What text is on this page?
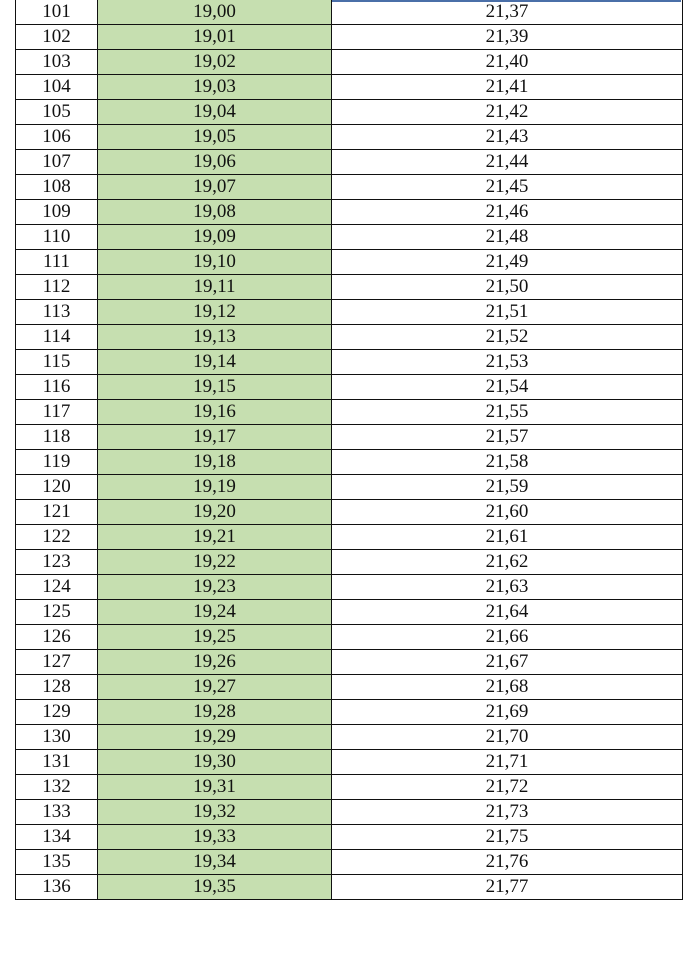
101	19,00	21,37
102	19,01	21,39
103	19,02	21,40
104	19,03	21,41
105	19,04	21,42
106	19,05	21,43
107	19,06	21,44
108	19,07	21,45
109	19,08	21,46
110	19,09	21,48
111	19,10	21,49
112	19,11	21,50
113	19,12	21,51
114	19,13	21,52
115	19,14	21,53
116	19,15	21,54
117	19,16	21,55
118	19,17	21,57
119	19,18	21,58
120	19,19	21,59
121	19,20	21,60
122	19,21	21,61
123	19,22	21,62
124	19,23	21,63
125	19,24	21,64
126	19,25	21,66
127	19,26	21,67
128	19,27	21,68
129	19,28	21,69
130	19,29	21,70
131	19,30	21,71
132	19,31	21,72
133	19,32	21,73
134	19,33	21,75
135	19,34	21,76
136	19,35	21,77
